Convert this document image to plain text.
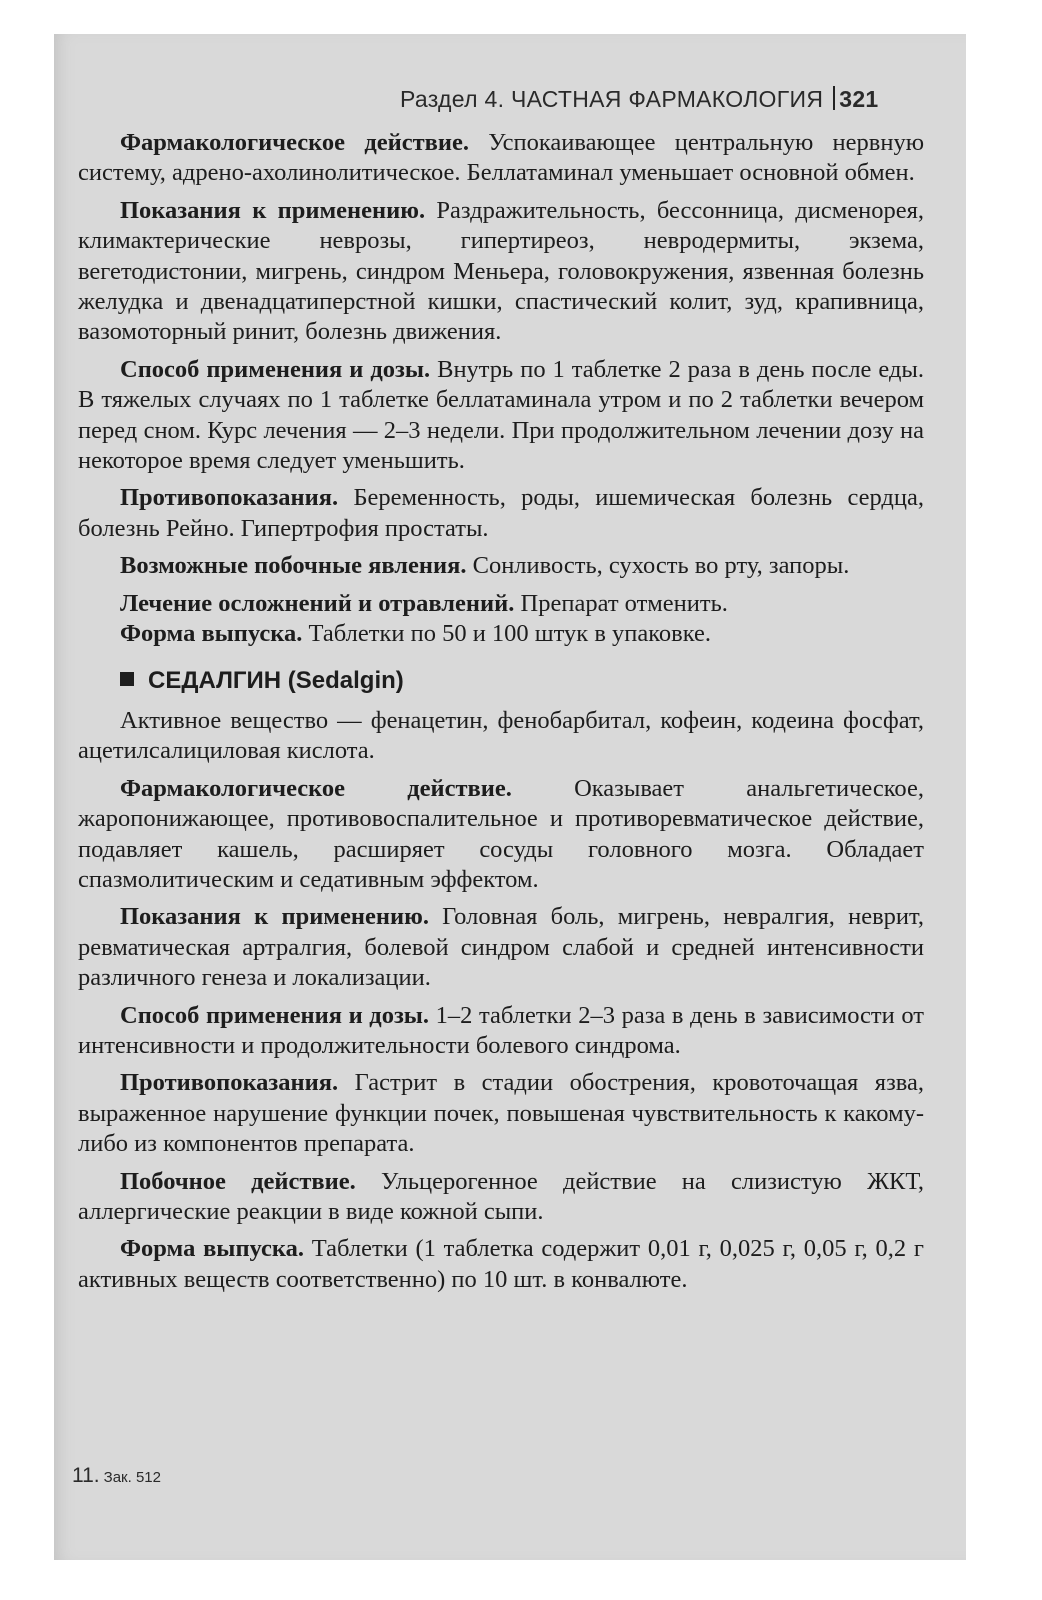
Раздел 4. ЧАСТНАЯ ФАРМАКОЛОГИЯ 321

Фармакологическое действие. Успокаивающее центральную нервную систему, адрено-ахолинолитическое. Беллатаминал уменьшает основной обмен.

Показания к применению. Раздражительность, бессонница, дисменорея, климактерические неврозы, гипертиреоз, невродермиты, экзема, вегетодистонии, мигрень, синдром Меньера, головокружения, язвенная болезнь желудка и двенадцатиперстной кишки, спастический колит, зуд, крапивница, вазомоторный ринит, болезнь движения.

Способ применения и дозы. Внутрь по 1 таблетке 2 раза в день после еды. В тяжелых случаях по 1 таблетке беллатаминала утром и по 2 таблетки вечером перед сном. Курс лечения — 2–3 недели. При продолжительном лечении дозу на некоторое время следует уменьшить.

Противопоказания. Беременность, роды, ишемическая болезнь сердца, болезнь Рейно. Гипертрофия простаты.

Возможные побочные явления. Сонливость, сухость во рту, запоры.

Лечение осложнений и отравлений. Препарат отменить.

Форма выпуска. Таблетки по 50 и 100 штук в упаковке.

СЕДАЛГИН (Sedalgin)

Активное вещество — фенацетин, фенобарбитал, кофеин, кодеина фосфат, ацетилсалициловая кислота.

Фармакологическое действие. Оказывает анальгетическое, жаропонижающее, противовоспалительное и противоревматическое действие, подавляет кашель, расширяет сосуды головного мозга. Обладает спазмолитическим и седативным эффектом.

Показания к применению. Головная боль, мигрень, невралгия, неврит, ревматическая артралгия, болевой синдром слабой и средней интенсивности различного генеза и локализации.

Способ применения и дозы. 1–2 таблетки 2–3 раза в день в зависимости от интенсивности и продолжительности болевого синдрома.

Противопоказания. Гастрит в стадии обострения, кровоточащая язва, выраженное нарушение функции почек, повышеная чувствительность к какому-либо из компонентов препарата.

Побочное действие. Ульцерогенное действие на слизистую ЖКТ, аллергические реакции в виде кожной сыпи.

Форма выпуска. Таблетки (1 таблетка содержит 0,01 г, 0,025 г, 0,05 г, 0,2 г активных веществ соответственно) по 10 шт. в конвалюте.

11. Зак. 512
